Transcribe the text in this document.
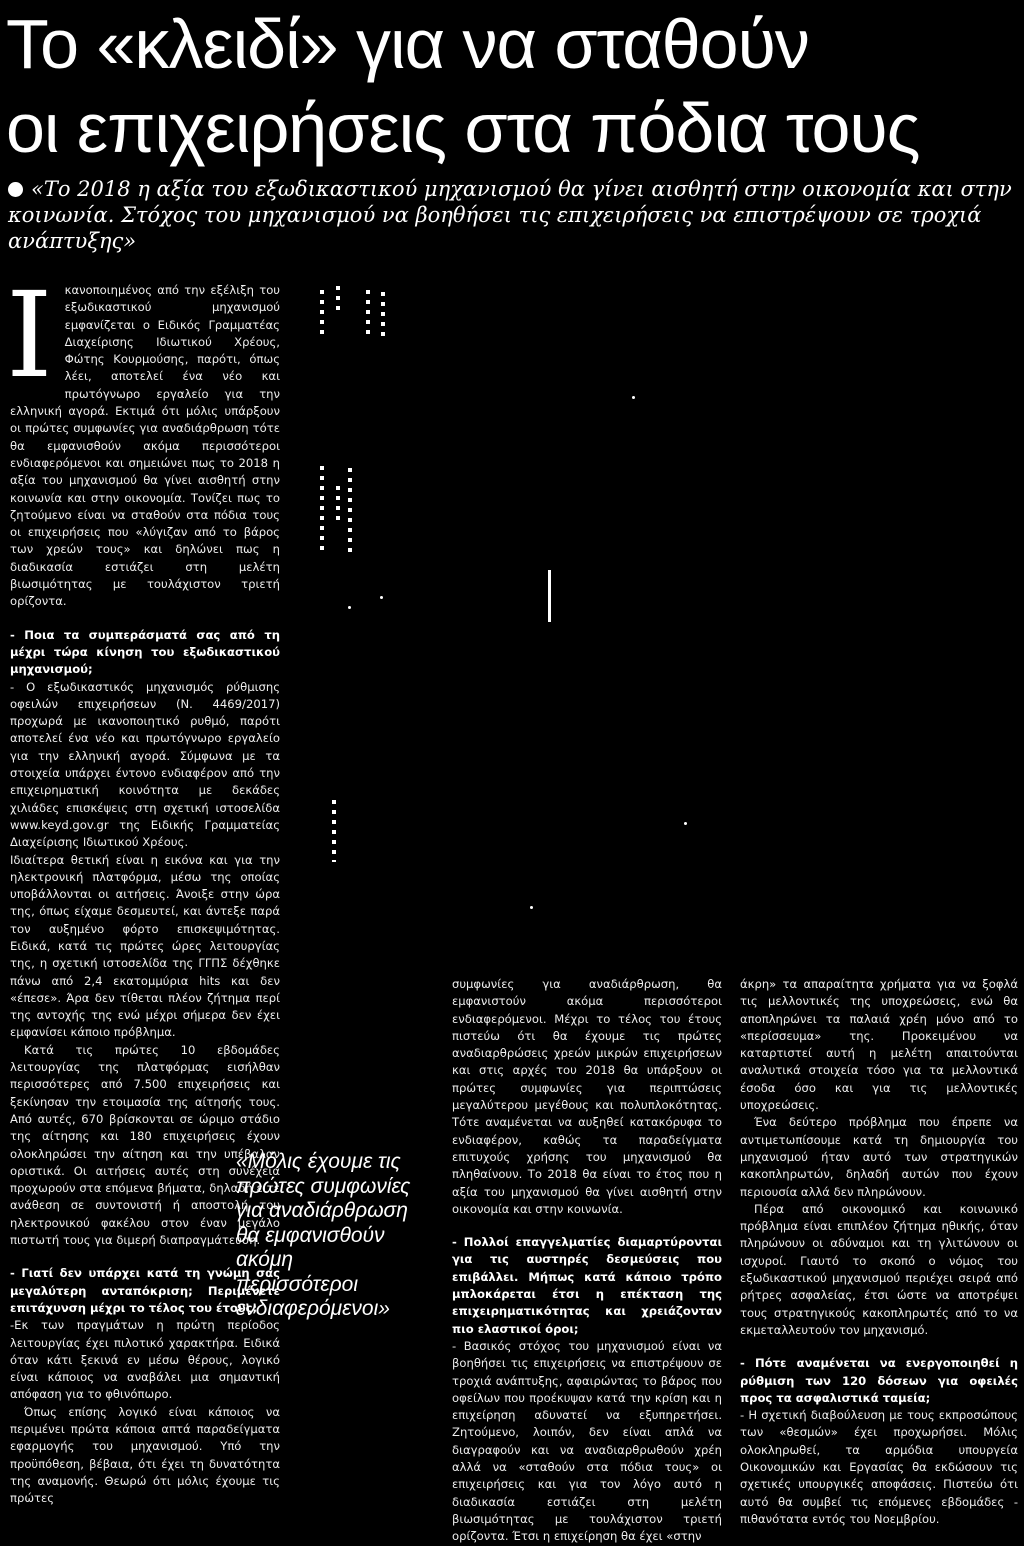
Το «κλειδί» για να σταθούν
οι επιχειρήσεις στα πόδια τους
«Το 2018 η αξία του εξωδικαστικού μηχανισμού θα γίνει αισθητή στην οικονομία και στην κοινωνία. Στόχος του μηχανισμού να βοηθήσει τις επιχειρήσεις να επιστρέψουν σε τροχιά ανάπτυξης»

Ι κανοποιημένος από την εξέλιξη του εξωδικαστικού μηχανισμού εμφανίζεται ο Ειδικός Γραμματέας Διαχείρισης Ιδιωτικού Χρέους, Φώτης Κουρμούσης, παρότι, όπως λέει, αποτελεί ένα νέο και πρωτόγνωρο εργαλείο για την ελληνική αγορά. Εκτιμά ότι μόλις υπάρξουν οι πρώτες συμφωνίες για αναδιάρθρωση τότε θα εμφανισθούν ακόμα περισσότεροι ενδιαφερόμενοι και σημειώνει πως το 2018 η αξία του μηχανισμού θα γίνει αισθητή στην κοινωνία και στην οικονομία. Τονίζει πως το ζητούμενο είναι να σταθούν στα πόδια τους οι επιχειρήσεις που «λύγιζαν από το βάρος των χρεών τους» και δηλώνει πως η διαδικασία εστιάζει στη μελέτη βιωσιμότητας με τουλάχιστον τριετή ορίζοντα.

- Ποια τα συμπεράσματά σας από τη μέχρι τώρα κίνηση του εξωδικαστικού μηχανισμού;

- Ο εξωδικαστικός μηχανισμός ρύθμισης οφειλών επιχειρήσεων (Ν. 4469/2017) προχωρά με ικανοποιητικό ρυθμό, παρότι αποτελεί ένα νέο και πρωτόγνωρο εργαλείο για την ελληνική αγορά. Σύμφωνα με τα στοιχεία υπάρχει έντονο ενδιαφέρον από την επιχειρηματική κοινότητα με δεκάδες χιλιάδες επισκέψεις στη σχετική ιστοσελίδα www.keyd.gov.gr της Ειδικής Γραμματείας Διαχείρισης Ιδιωτικού Χρέους.

Ιδιαίτερα θετική είναι η εικόνα και για την ηλεκτρονική πλατφόρμα, μέσω της οποίας υποβάλλονται οι αιτήσεις. Άνοιξε στην ώρα της, όπως είχαμε δεσμευτεί, και άντεξε παρά τον αυξημένο φόρτο επισκεψιμότητας. Ειδικά, κατά τις πρώτες ώρες λειτουργίας της, η σχετική ιστοσελίδα της ΓΓΠΣ δέχθηκε πάνω από 2,4 εκατομμύρια hits και δεν «έπεσε». Άρα δεν τίθεται πλέον ζήτημα περί της αντοχής της ενώ μέχρι σήμερα δεν έχει εμφανίσει κάποιο πρόβλημα.

Κατά τις πρώτες 10 εβδομάδες λειτουργίας της πλατφόρμας εισήλθαν περισσότερες από 7.500 επιχειρήσεις και ξεκίνησαν την ετοιμασία της αίτησής τους. Από αυτές, 670 βρίσκονται σε ώριμο στάδιο της αίτησης και 180 επιχειρήσεις έχουν ολοκληρώσει την αίτηση και την υπέβαλαν οριστικά. Οι αιτήσεις αυτές στη συνέχεια προχωρούν στα επόμενα βήματα, δηλαδή είτε ανάθεση σε συντονιστή ή αποστολή του ηλεκτρονικού φακέλου στον έναν μεγάλο πιστωτή τους για διμερή διαπραγμάτευση.

- Γιατί δεν υπάρχει κατά τη γνώμη σας μεγαλύτερη ανταπόκριση; Περιμένετε επιτάχυνση μέχρι το τέλος του έτους;

-Εκ των πραγμάτων η πρώτη περίοδος λειτουργίας έχει πιλοτικό χαρακτήρα. Ειδικά όταν κάτι ξεκινά εν μέσω θέρους, λογικό είναι κάποιος να αναβάλει μια σημαντική απόφαση για το φθινόπωρο.

Όπως επίσης λογικό είναι κάποιος να περιμένει πρώτα κάποια απτά παραδείγματα εφαρμογής του μηχανισμού. Υπό την προϋπόθεση, βέβαια, ότι έχει τη δυνατότητα της αναμονής. Θεωρώ ότι μόλις έχουμε τις πρώτες

«Μόλις έχουμε τις πρώτες συμφωνίες για αναδιάρθρωση θα εμφανισθούν ακόμη περισσότεροι ενδιαφερόμενοι»

συμφωνίες για αναδιάρθρωση, θα εμφανιστούν ακόμα περισσότεροι ενδιαφερόμενοι. Μέχρι το τέλος του έτους πιστεύω ότι θα έχουμε τις πρώτες αναδιαρθρώσεις χρεών μικρών επιχειρήσεων και στις αρχές του 2018 θα υπάρξουν οι πρώτες συμφωνίες για περιπτώσεις μεγαλύτερου μεγέθους και πολυπλοκότητας. Τότε αναμένεται να αυξηθεί κατακόρυφα το ενδιαφέρον, καθώς τα παραδείγματα επιτυχούς χρήσης του μηχανισμού θα πληθαίνουν. Το 2018 θα είναι το έτος που η αξία του μηχανισμού θα γίνει αισθητή στην οικονομία και στην κοινωνία.

- Πολλοί επαγγελματίες διαμαρτύρονται για τις αυστηρές δεσμεύσεις που επιβάλλει. Μήπως κατά κάποιο τρόπο μπλοκάρεται έτσι η επέκταση της επιχειρηματικότητας και χρειάζονταν πιο ελαστικοί όροι;

- Βασικός στόχος του μηχανισμού είναι να βοηθήσει τις επιχειρήσεις να επιστρέψουν σε τροχιά ανάπτυξης, αφαιρώντας το βάρος που οφείλων που προέκυψαν κατά την κρίση και η επιχείρηση αδυνατεί να εξυπηρετήσει. Ζητούμενο, λοιπόν, δεν είναι απλά να διαγραφούν και να αναδιαρθρωθούν χρέη αλλά να «σταθούν στα πόδια τους» οι επιχειρήσεις και για τον λόγο αυτό η διαδικασία εστιάζει στη μελέτη βιωσιμότητας με τουλάχιστον τριετή ορίζοντα. Έτσι η επιχείρηση θα έχει «στην

άκρη» τα απαραίτητα χρήματα για να ξοφλά τις μελλοντικές της υποχρεώσεις, ενώ θα αποπληρώνει τα παλαιά χρέη μόνο από το «περίσσευμα» της. Προκειμένου να καταρτιστεί αυτή η μελέτη απαιτούνται αναλυτικά στοιχεία τόσο για τα μελλοντικά έσοδα όσο και για τις μελλοντικές υποχρεώσεις.

Ένα δεύτερο πρόβλημα που έπρεπε να αντιμετωπίσουμε κατά τη δημιουργία του μηχανισμού ήταν αυτό των στρατηγικών κακοπληρωτών, δηλαδή αυτών που έχουν περιουσία αλλά δεν πληρώνουν.

Πέρα από οικονομικό και κοινωνικό πρόβλημα είναι επιπλέον ζήτημα ηθικής, όταν πληρώνουν οι αδύναμοι και τη γλιτώνουν οι ισχυροί. Γιαυτό το σκοπό ο νόμος του εξωδικαστικού μηχανισμού περιέχει σειρά από ρήτρες ασφαλείας, έτσι ώστε να αποτρέψει τους στρατηγικούς κακοπληρωτές από το να εκμεταλλευτούν τον μηχανισμό.

- Πότε αναμένεται να ενεργοποιηθεί η ρύθμιση των 120 δόσεων για οφειλές προς τα ασφαλιστικά ταμεία;

- Η σχετική διαβούλευση με τους εκπροσώπους των «θεσμών» έχει προχωρήσει. Μόλις ολοκληρωθεί, τα αρμόδια υπουργεία Οικονομικών και Εργασίας θα εκδώσουν τις σχετικές υπουργικές αποφάσεις. Πιστεύω ότι αυτό θα συμβεί τις επόμενες εβδομάδες - πιθανότατα εντός του Νοεμβρίου.
